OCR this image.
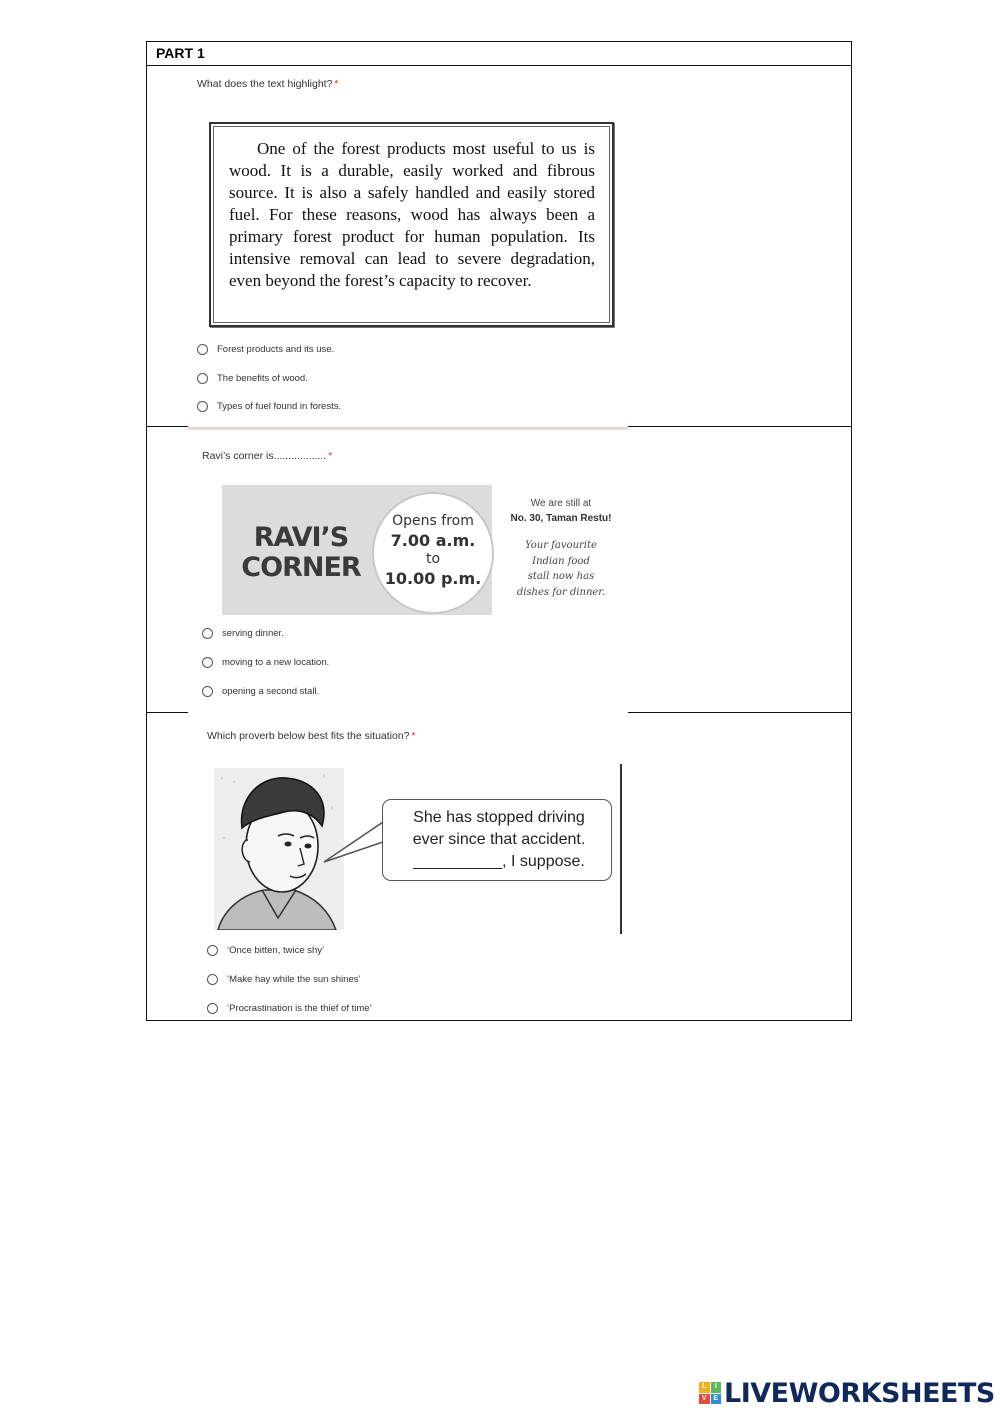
PART 1
What does the text highlight? *
One of the forest products most useful to us is wood. It is a durable, easily worked and fibrous source. It is also a safely handled and easily stored fuel. For these reasons, wood has always been a primary forest product for human population. Its intensive removal can lead to severe degradation, even beyond the forest’s capacity to recover.
Forest products and its use.
The benefits of wood.
Types of fuel found in forests.
Ravi’s corner is.................. *
RAVI’S
CORNER
Opens from
7.00 a.m.
to
10.00 p.m.
We are still at
No. 30, Taman Restu!
Your favourite
Indian food
stall now has
dishes for dinner.
serving dinner.
moving to a new location.
opening a second stall.
Which proverb below best fits the situation? *
She has stopped driving
ever since that accident.
__________, I suppose.
‘Once bitten, twice shy’
‘Make hay while the sun shines’
‘Procrastination is the thief of time’
L	I
V E LIVEWORKSHEETS
